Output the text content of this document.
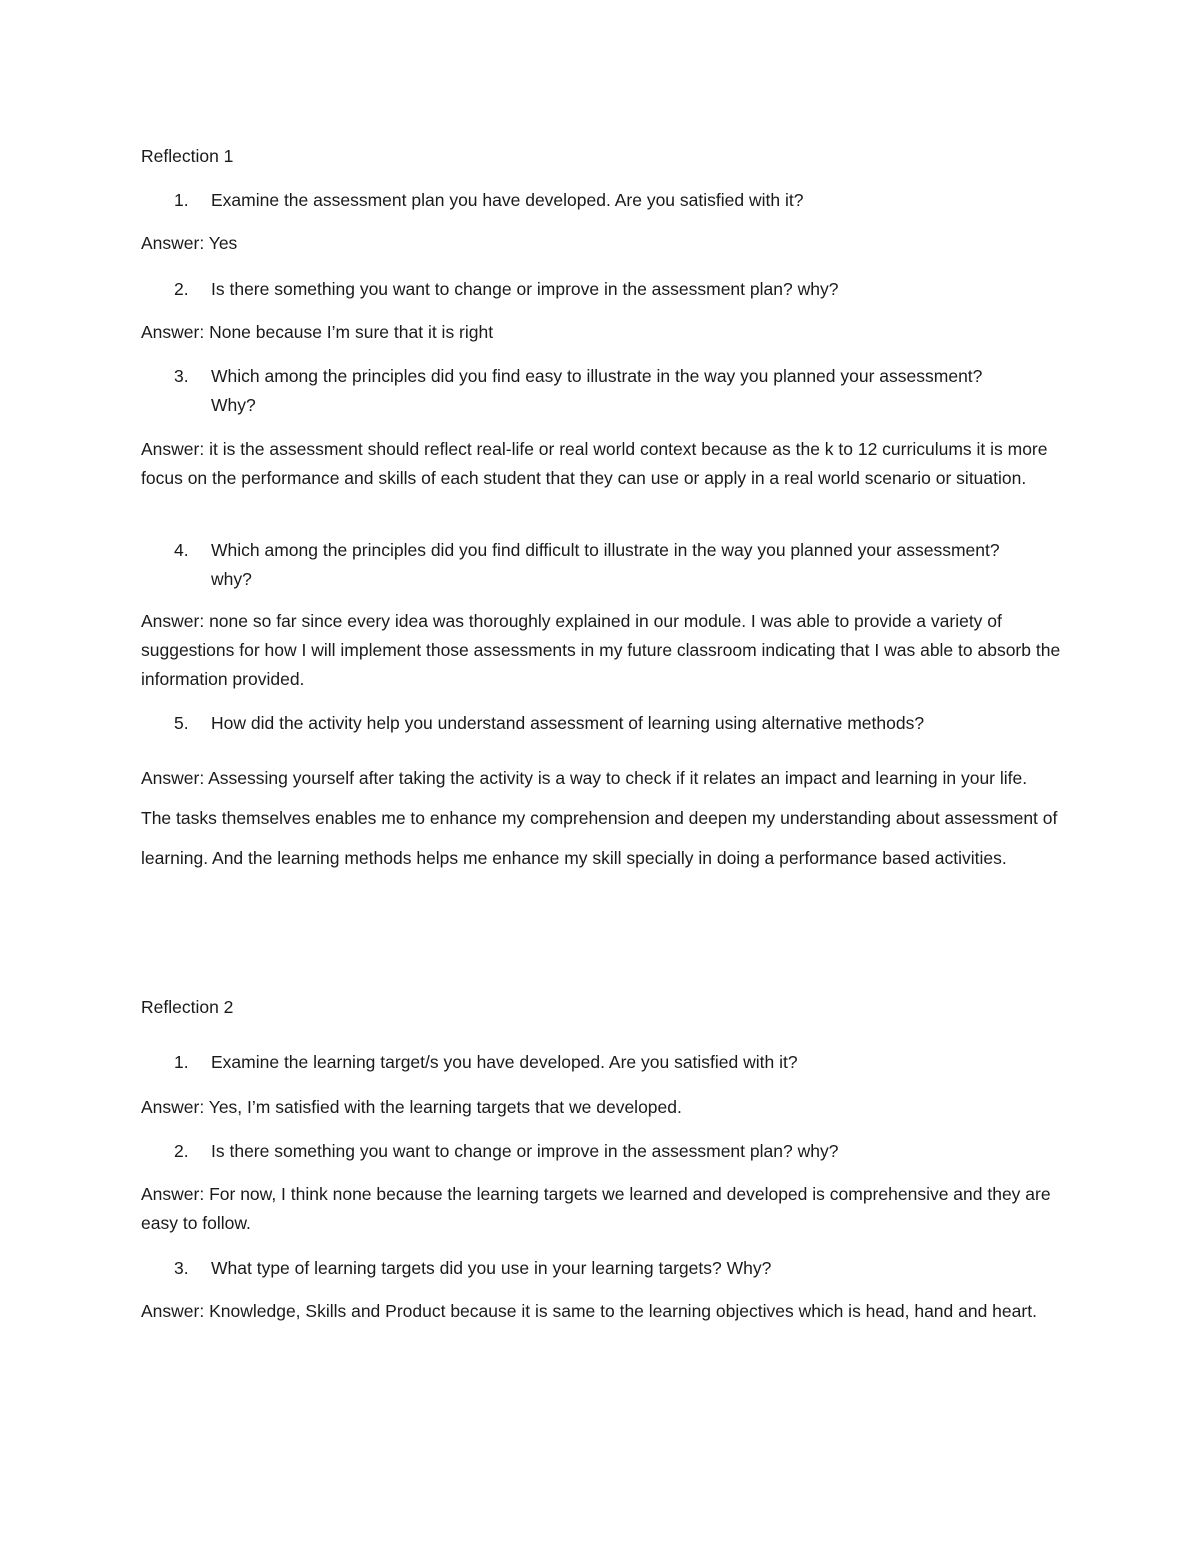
Reflection 1

1. Examine the assessment plan you have developed. Are you satisfied with it?

Answer: Yes

2. Is there something you want to change or improve in the assessment plan? why?

Answer: None because I’m sure that it is right

3. Which among the principles did you find easy to illustrate in the way you planned your assessment? Why?

Answer: it is the assessment should reflect real-life or real world context because as the k to 12 curriculums it is more focus on the performance and skills of each student that they can use or apply in a real world scenario or situation.

4. Which among the principles did you find difficult to illustrate in the way you planned your assessment? why?

Answer: none so far since every idea was thoroughly explained in our module. I was able to provide a variety of suggestions for how I will implement those assessments in my future classroom indicating that I was able to absorb the information provided.

5. How did the activity help you understand assessment of learning using alternative methods?

Answer: Assessing yourself after taking the activity is a way to check if it relates an impact and learning in your life. The tasks themselves enables me to enhance my comprehension and deepen my understanding about assessment of learning. And the learning methods helps me enhance my skill specially in doing a performance based activities.

Reflection 2

1. Examine the learning target/s you have developed. Are you satisfied with it?

Answer: Yes, I’m satisfied with the learning targets that we developed.

2. Is there something you want to change or improve in the assessment plan? why?

Answer: For now, I think none because the learning targets we learned and developed is comprehensive and they are easy to follow.

3. What type of learning targets did you use in your learning targets? Why?

Answer: Knowledge, Skills and Product because it is same to the learning objectives which is head, hand and heart.
